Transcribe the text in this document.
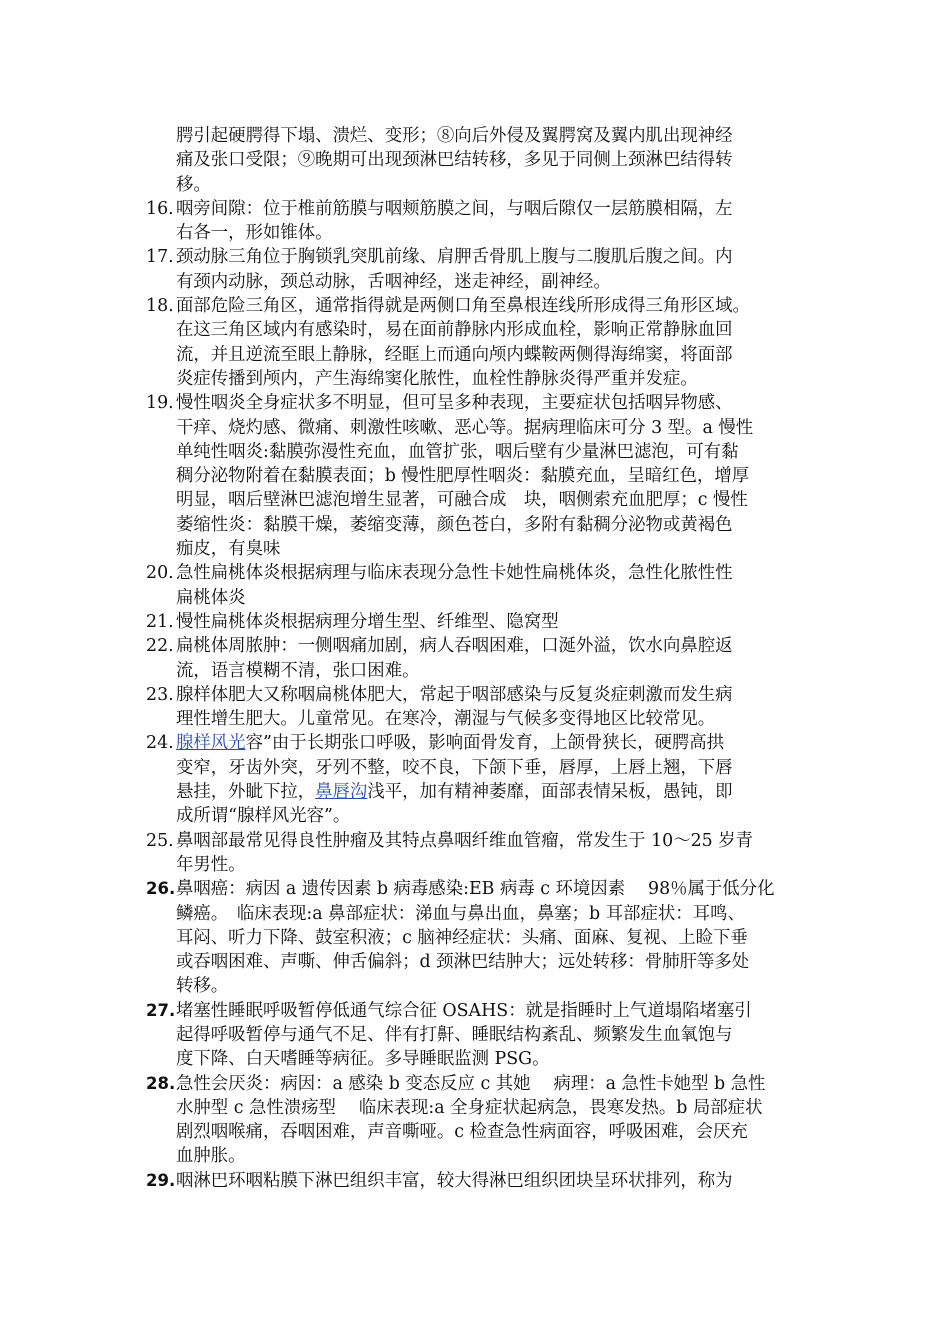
腭引起硬腭得下塌、溃烂、变形；⑧向后外侵及翼腭窝及翼内肌出现神经
痛及张口受限；⑨晚期可出现颈淋巴结转移，多见于同侧上颈淋巴结得转
移。
16. 咽旁间隙：位于椎前筋膜与咽颊筋膜之间，与咽后隙仅一层筋膜相隔，左
右各一，形如锥体。
17. 颈动脉三角位于胸锁乳突肌前缘、肩胛舌骨肌上腹与二腹肌后腹之间。内
有颈内动脉，颈总动脉，舌咽神经，迷走神经，副神经。
18. 面部危险三角区，通常指得就是两侧口角至鼻根连线所形成得三角形区域。
在这三角区域内有感染时，易在面前静脉内形成血栓，影响正常静脉血回
流，并且逆流至眼上静脉，经眶上而通向颅内蝶鞍两侧得海绵窦，将面部
炎症传播到颅内，产生海绵窦化脓性，血栓性静脉炎得严重并发症。
19. 慢性咽炎全身症状多不明显，但可呈多种表现，主要症状包括咽异物感、
干痒、烧灼感、微痛、刺激性咳嗽、恶心等。据病理临床可分 3 型。a 慢性
单纯性咽炎:黏膜弥漫性充血，血管扩张，咽后壁有少量淋巴滤泡，可有黏
稠分泌物附着在黏膜表面；b 慢性肥厚性咽炎：黏膜充血，呈暗红色，增厚
明显，咽后壁淋巴滤泡增生显著，可融合成　块，咽侧索充血肥厚；c 慢性
萎缩性炎：黏膜干燥，萎缩变薄，颜色苍白，多附有黏稠分泌物或黄褐色
痂皮，有臭味
20. 急性扁桃体炎根据病理与临床表现分急性卡她性扁桃体炎，急性化脓性性
扁桃体炎
21. 慢性扁桃体炎根据病理分增生型、纤维型、隐窝型
22. 扁桃体周脓肿：一侧咽痛加剧，病人吞咽困难，口涎外溢，饮水向鼻腔返
流，语言模糊不清，张口困难。
23. 腺样体肥大又称咽扁桃体肥大，常起于咽部感染与反复炎症刺激而发生病
理性增生肥大。儿童常见。在寒冷，潮湿与气候多变得地区比较常见。
24. 腺样风光容”由于长期张口呼吸，影响面骨发育，上颌骨狭长，硬腭高拱
变窄，牙齿外突，牙列不整，咬不良，下颌下垂，唇厚，上唇上翘，下唇
悬挂，外眦下拉，鼻唇沟浅平，加有精神萎靡，面部表情呆板，愚钝，即
成所谓“腺样风光容”。
25. 鼻咽部最常见得良性肿瘤及其特点鼻咽纤维血管瘤，常发生于 10～25 岁青
年男性。
26. 鼻咽癌：病因 a 遗传因素 b 病毒感染:EB 病毒 c 环境因素　 98％属于低分化
鳞癌。　临床表现:a 鼻部症状：涕血与鼻出血，鼻塞；b 耳部症状：耳鸣、
耳闷、听力下降、鼓室积液；c 脑神经症状：头痛、面麻、复视、上睑下垂
或吞咽困难、声嘶、伸舌偏斜；d 颈淋巴结肿大；远处转移：骨肺肝等多处
转移。
27. 堵塞性睡眠呼吸暂停低通气综合征 OSAHS：就是指睡时上气道塌陷堵塞引
起得呼吸暂停与通气不足、伴有打鼾、睡眠结构紊乱、频繁发生血氧饱与
度下降、白天嗜睡等病征。多导睡眠监测 PSG。
28. 急性会厌炎：病因：a 感染 b 变态反应 c 其她　 病理：a 急性卡她型 b 急性
水肿型 c 急性溃疡型　 临床表现:a 全身症状起病急，畏寒发热。b 局部症状
剧烈咽喉痛，吞咽困难，声音嘶哑。c 检查急性病面容，呼吸困难，会厌充
血肿胀。
29. 咽淋巴环咽粘膜下淋巴组织丰富，较大得淋巴组织团块呈环状排列，称为
